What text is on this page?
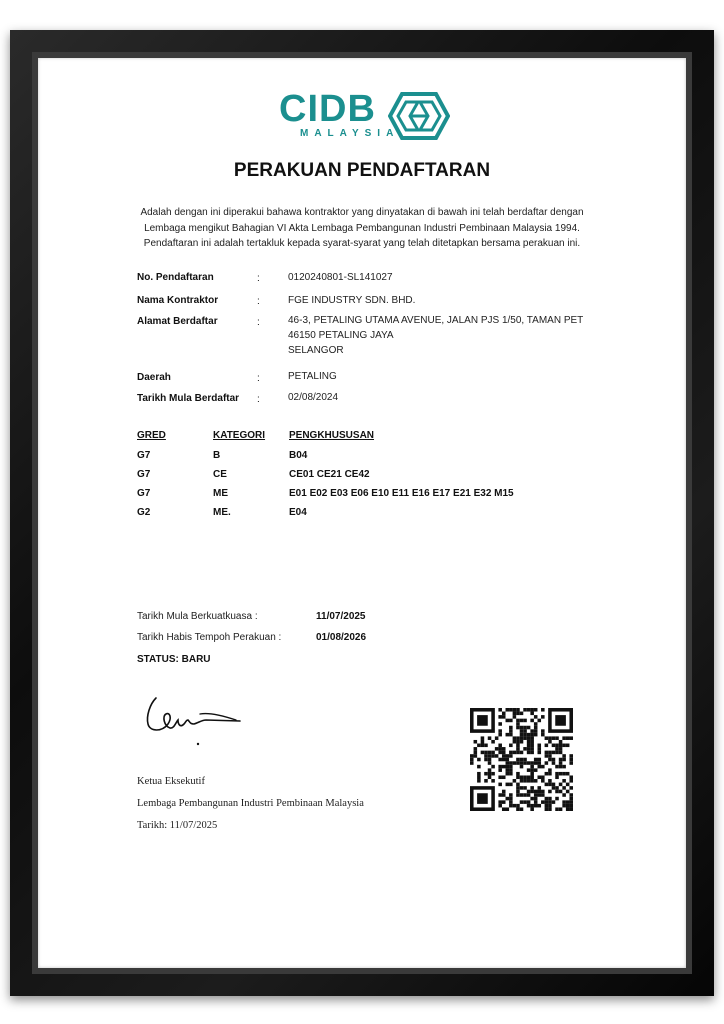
CIDB
MALAYSIA
PERAKUAN PENDAFTARAN
Adalah dengan ini diperakui bahawa kontraktor yang dinyatakan di bawah ini telah berdaftar dengan
Lembaga mengikut Bahagian VI Akta Lembaga Pembangunan Industri Pembinaan Malaysia 1994.
Pendaftaran ini adalah tertakluk kepada syarat-syarat yang telah ditetapkan bersama perakuan ini.
No. Pendaftaran	:	0120240801-SL141027
Nama Kontraktor	:	FGE INDUSTRY SDN. BHD.
Alamat Berdaftar	:	46-3, PETALING UTAMA AVENUE, JALAN PJS 1/50, TAMAN PET
46150 PETALING JAYA
SELANGOR
Daerah	:	PETALING
Tarikh Mula Berdaftar :	02/08/2024
GRED	KATEGORI PENGKHUSUSAN
G7	B	B04
G7	CE	CE01 CE21 CE42
G7	ME	E01 E02 E03 E06 E10 E11 E16 E17 E21 E32 M15
G2	ME.	E04
Tarikh Mula Berkuatkuasa :	11/07/2025
Tarikh Habis Tempoh Perakuan :	01/08/2026
STATUS: BARU
Ketua Eksekutif
Lembaga Pembangunan Industri Pembinaan Malaysia
Tarikh: 11/07/2025
